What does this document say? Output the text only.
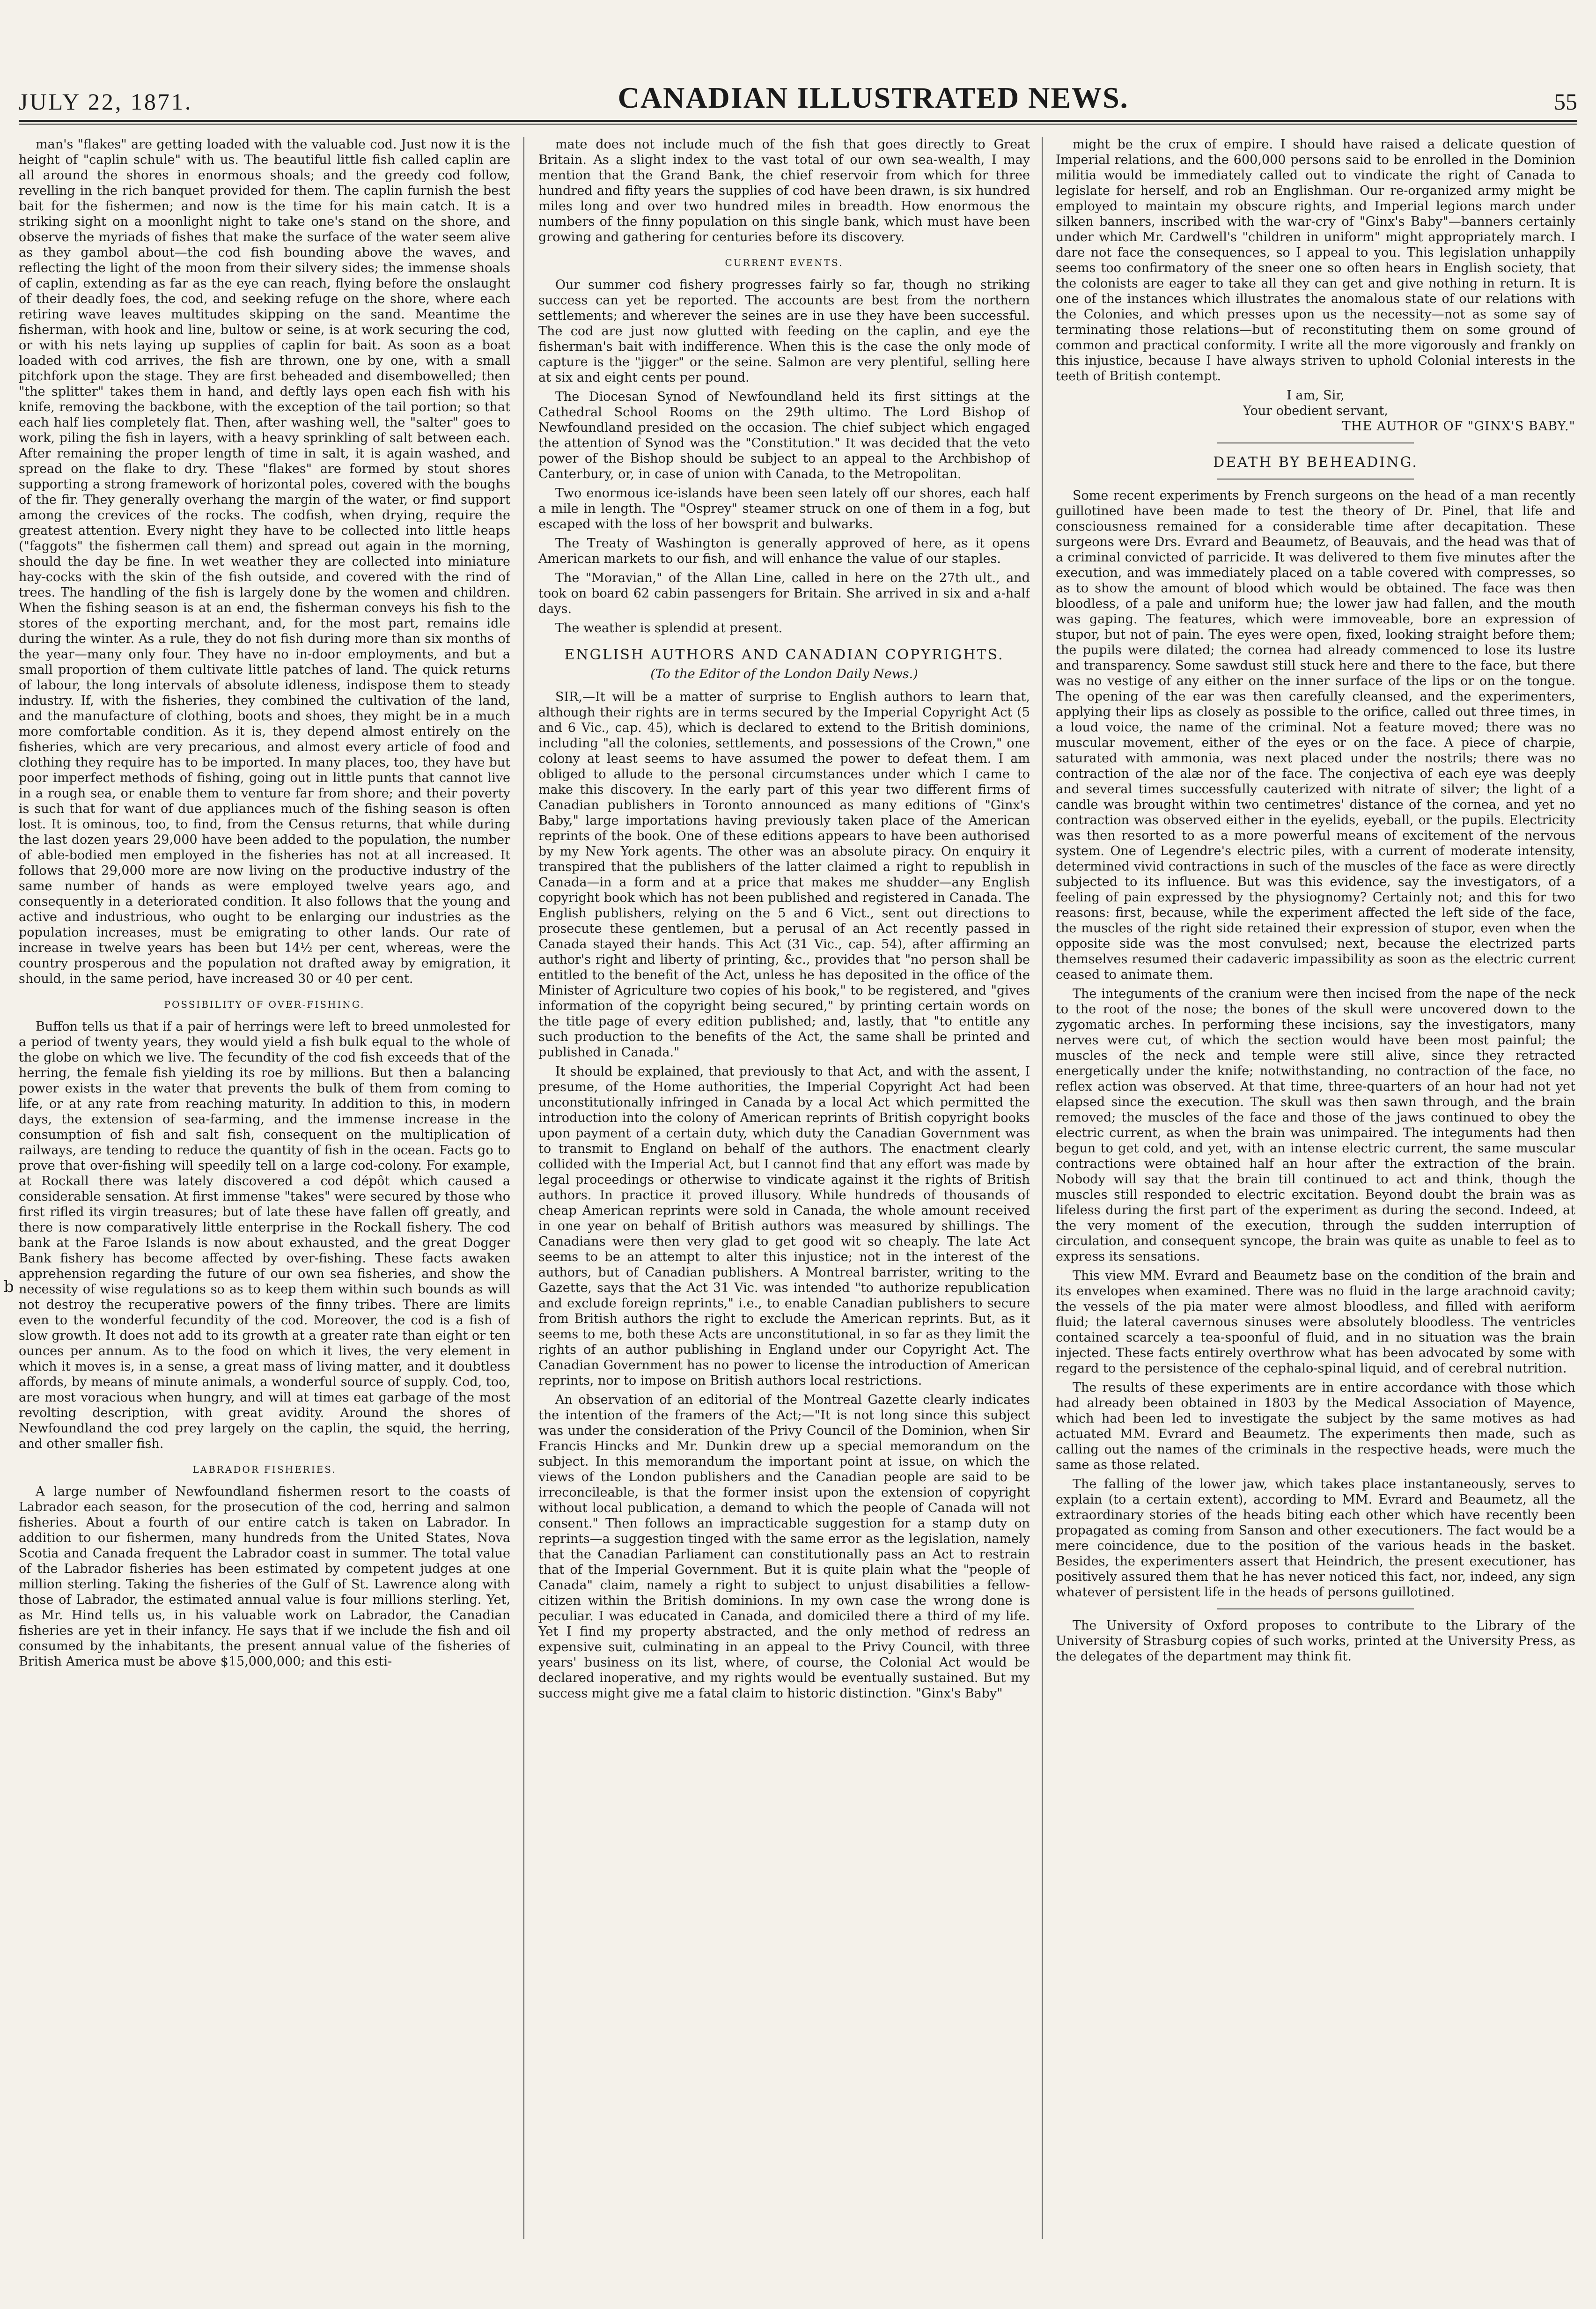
JULY 22, 1871.	CANADIAN ILLUSTRATED NEWS.	55
b

man's "flakes" are getting loaded with the valuable cod. Just now it is the height of "caplin schule" with us. The beautiful little fish called caplin are all around the shores in enormous shoals; and the greedy cod follow, revelling in the rich banquet provided for them. The caplin furnish the best bait for the fishermen; and now is the time for his main catch. It is a striking sight on a moonlight night to take one's stand on the shore, and observe the myriads of fishes that make the surface of the water seem alive as they gambol about—the cod fish bounding above the waves, and reflecting the light of the moon from their silvery sides; the immense shoals of caplin, extending as far as the eye can reach, flying before the onslaught of their deadly foes, the cod, and seeking refuge on the shore, where each retiring wave leaves multitudes skipping on the sand. Meantime the fisherman, with hook and line, bultow or seine, is at work securing the cod, or with his nets laying up supplies of caplin for bait. As soon as a boat loaded with cod arrives, the fish are thrown, one by one, with a small pitchfork upon the stage. They are first beheaded and disembowelled; then "the splitter" takes them in hand, and deftly lays open each fish with his knife, removing the backbone, with the exception of the tail portion; so that each half lies completely flat. Then, after washing well, the "salter" goes to work, piling the fish in layers, with a heavy sprinkling of salt between each. After remaining the proper length of time in salt, it is again washed, and spread on the flake to dry. These "flakes" are formed by stout shores supporting a strong framework of horizontal poles, covered with the boughs of the fir. They generally overhang the margin of the water, or find support among the crevices of the rocks. The codfish, when drying, require the greatest attention. Every night they have to be collected into little heaps ("faggots" the fishermen call them) and spread out again in the morning, should the day be fine. In wet weather they are collected into miniature hay-cocks with the skin of the fish outside, and covered with the rind of trees. The handling of the fish is largely done by the women and children. When the fishing season is at an end, the fisherman conveys his fish to the stores of the exporting merchant, and, for the most part, remains idle during the winter. As a rule, they do not fish during more than six months of the year—many only four. They have no in-door employments, and but a small proportion of them cultivate little patches of land. The quick returns of labour, the long intervals of absolute idleness, indispose them to steady industry. If, with the fisheries, they combined the cultivation of the land, and the manufacture of clothing, boots and shoes, they might be in a much more comfortable condition. As it is, they depend almost entirely on the fisheries, which are very precarious, and almost every article of food and clothing they require has to be imported. In many places, too, they have but poor imperfect methods of fishing, going out in little punts that cannot live in a rough sea, or enable them to venture far from shore; and their poverty is such that for want of due appliances much of the fishing season is often lost. It is ominous, too, to find, from the Census returns, that while during the last dozen years 29,000 have been added to the population, the number of able-bodied men employed in the fisheries has not at all increased. It follows that 29,000 more are now living on the productive industry of the same number of hands as were employed twelve years ago, and consequently in a deteriorated condition. It also follows that the young and active and industrious, who ought to be enlarging our industries as the population increases, must be emigrating to other lands. Our rate of increase in twelve years has been but 14½ per cent, whereas, were the country prosperous and the population not drafted away by emigration, it should, in the same period, have increased 30 or 40 per cent.

POSSIBILITY OF OVER-FISHING.

Buffon tells us that if a pair of herrings were left to breed unmolested for a period of twenty years, they would yield a fish bulk equal to the whole of the globe on which we live. The fecundity of the cod fish exceeds that of the herring, the female fish yielding its roe by millions. But then a balancing power exists in the water that prevents the bulk of them from coming to life, or at any rate from reaching maturity. In addition to this, in modern days, the extension of sea-farming, and the immense increase in the consumption of fish and salt fish, consequent on the multiplication of railways, are tending to reduce the quantity of fish in the ocean. Facts go to prove that over-fishing will speedily tell on a large cod-colony. For example, at Rockall there was lately discovered a cod dépôt which caused a considerable sensation. At first immense "takes" were secured by those who first rifled its virgin treasures; but of late these have fallen off greatly, and there is now comparatively little enterprise in the Rockall fishery. The cod bank at the Faroe Islands is now about exhausted, and the great Dogger Bank fishery has become affected by over-fishing. These facts awaken apprehension regarding the future of our own sea fisheries, and show the necessity of wise regulations so as to keep them within such bounds as will not destroy the recuperative powers of the finny tribes. There are limits even to the wonderful fecundity of the cod. Moreover, the cod is a fish of slow growth. It does not add to its growth at a greater rate than eight or ten ounces per annum. As to the food on which it lives, the very element in which it moves is, in a sense, a great mass of living matter, and it doubtless affords, by means of minute animals, a wonderful source of supply. Cod, too, are most voracious when hungry, and will at times eat garbage of the most revolting description, with great avidity. Around the shores of Newfoundland the cod prey largely on the caplin, the squid, the herring, and other smaller fish.

LABRADOR FISHERIES.

A large number of Newfoundland fishermen resort to the coasts of Labrador each season, for the prosecution of the cod, herring and salmon fisheries. About a fourth of our entire catch is taken on Labrador. In addition to our fishermen, many hundreds from the United States, Nova Scotia and Canada frequent the Labrador coast in summer. The total value of the Labrador fisheries has been estimated by competent judges at one million sterling. Taking the fisheries of the Gulf of St. Lawrence along with those of Labrador, the estimated annual value is four millions sterling. Yet, as Mr. Hind tells us, in his valuable work on Labrador, the Canadian fisheries are yet in their infancy. He says that if we include the fish and oil consumed by the inhabitants, the present annual value of the fisheries of British America must be above $15,000,000; and this esti-

mate does not include much of the fish that goes directly to Great Britain. As a slight index to the vast total of our own sea-wealth, I may mention that the Grand Bank, the chief reservoir from which for three hundred and fifty years the supplies of cod have been drawn, is six hundred miles long and over two hundred miles in breadth. How enormous the numbers of the finny population on this single bank, which must have been growing and gathering for centuries before its discovery.

CURRENT EVENTS.

Our summer cod fishery progresses fairly so far, though no striking success can yet be reported. The accounts are best from the northern settlements; and wherever the seines are in use they have been successful. The cod are just now glutted with feeding on the caplin, and eye the fisherman's bait with indifference. When this is the case the only mode of capture is the "jigger" or the seine. Salmon are very plentiful, selling here at six and eight cents per pound.

The Diocesan Synod of Newfoundland held its first sittings at the Cathedral School Rooms on the 29th ultimo. The Lord Bishop of Newfoundland presided on the occasion. The chief subject which engaged the attention of Synod was the "Constitution." It was decided that the veto power of the Bishop should be subject to an appeal to the Archbishop of Canterbury, or, in case of union with Canada, to the Metropolitan.

Two enormous ice-islands have been seen lately off our shores, each half a mile in length. The "Osprey" steamer struck on one of them in a fog, but escaped with the loss of her bowsprit and bulwarks.

The Treaty of Washington is generally approved of here, as it opens American markets to our fish, and will enhance the value of our staples.

The "Moravian," of the Allan Line, called in here on the 27th ult., and took on board 62 cabin passengers for Britain. She arrived in six and a-half days.

The weather is splendid at present.

ENGLISH AUTHORS AND CANADIAN COPYRIGHTS.

(To the Editor of the London Daily News.)

SIR,—It will be a matter of surprise to English authors to learn that, although their rights are in terms secured by the Imperial Copyright Act (5 and 6 Vic., cap. 45), which is declared to extend to the British dominions, including "all the colonies, settlements, and possessions of the Crown," one colony at least seems to have assumed the power to defeat them. I am obliged to allude to the personal circumstances under which I came to make this discovery. In the early part of this year two different firms of Canadian publishers in Toronto announced as many editions of "Ginx's Baby," large importations having previously taken place of the American reprints of the book. One of these editions appears to have been authorised by my New York agents. The other was an absolute piracy. On enquiry it transpired that the publishers of the latter claimed a right to republish in Canada—in a form and at a price that makes me shudder—any English copyright book which has not been published and registered in Canada. The English publishers, relying on the 5 and 6 Vict., sent out directions to prosecute these gentlemen, but a perusal of an Act recently passed in Canada stayed their hands. This Act (31 Vic., cap. 54), after affirming an author's right and liberty of printing, &c., provides that "no person shall be entitled to the benefit of the Act, unless he has deposited in the office of the Minister of Agriculture two copies of his book," to be registered, and "gives information of the copyright being secured," by printing certain words on the title page of every edition published; and, lastly, that "to entitle any such production to the benefits of the Act, the same shall be printed and published in Canada."

It should be explained, that previously to that Act, and with the assent, I presume, of the Home authorities, the Imperial Copyright Act had been unconstitutionally infringed in Canada by a local Act which permitted the introduction into the colony of American reprints of British copyright books upon payment of a certain duty, which duty the Canadian Government was to transmit to England on behalf of the authors. The enactment clearly collided with the Imperial Act, but I cannot find that any effort was made by legal proceedings or otherwise to vindicate against it the rights of British authors. In practice it proved illusory. While hundreds of thousands of cheap American reprints were sold in Canada, the whole amount received in one year on behalf of British authors was measured by shillings. The Canadians were then very glad to get good wit so cheaply. The late Act seems to be an attempt to alter this injustice; not in the interest of the authors, but of Canadian publishers. A Montreal barrister, writing to the Gazette, says that the Act 31 Vic. was intended "to authorize republication and exclude foreign reprints," i.e., to enable Canadian publishers to secure from British authors the right to exclude the American reprints. But, as it seems to me, both these Acts are unconstitutional, in so far as they limit the rights of an author publishing in England under our Copyright Act. The Canadian Government has no power to license the introduction of American reprints, nor to impose on British authors local restrictions.

An observation of an editorial of the Montreal Gazette clearly indicates the intention of the framers of the Act;—"It is not long since this subject was under the consideration of the Privy Council of the Dominion, when Sir Francis Hincks and Mr. Dunkin drew up a special memorandum on the subject. In this memorandum the important point at issue, on which the views of the London publishers and the Canadian people are said to be irreconcileable, is that the former insist upon the extension of copyright without local publication, a demand to which the people of Canada will not consent." Then follows an impracticable suggestion for a stamp duty on reprints—a suggestion tinged with the same error as the legislation, namely that the Canadian Parliament can constitutionally pass an Act to restrain that of the Imperial Government. But it is quite plain what the "people of Canada" claim, namely a right to subject to unjust disabilities a fellow-citizen within the British dominions. In my own case the wrong done is peculiar. I was educated in Canada, and domiciled there a third of my life. Yet I find my property abstracted, and the only method of redress an expensive suit, culminating in an appeal to the Privy Council, with three years' business on its list, where, of course, the Colonial Act would be declared inoperative, and my rights would be eventually sustained. But my success might give me a fatal claim to historic distinction. "Ginx's Baby"

might be the crux of empire. I should have raised a delicate question of Imperial relations, and the 600,000 persons said to be enrolled in the Dominion militia would be immediately called out to vindicate the right of Canada to legislate for herself, and rob an Englishman. Our re-organized army might be employed to maintain my obscure rights, and Imperial legions march under silken banners, inscribed with the war-cry of "Ginx's Baby"—banners certainly under which Mr. Cardwell's "children in uniform" might appropriately march. I dare not face the consequences, so I appeal to you. This legislation unhappily seems too confirmatory of the sneer one so often hears in English society, that the colonists are eager to take all they can get and give nothing in return. It is one of the instances which illustrates the anomalous state of our relations with the Colonies, and which presses upon us the necessity—not as some say of terminating those relations—but of reconstituting them on some ground of common and practical conformity. I write all the more vigorously and frankly on this injustice, because I have always striven to uphold Colonial interests in the teeth of British contempt.

I am, Sir,

Your obedient servant,

THE AUTHOR OF "GINX'S BABY."

DEATH BY BEHEADING.

Some recent experiments by French surgeons on the head of a man recently guillotined have been made to test the theory of Dr. Pinel, that life and consciousness remained for a considerable time after decapitation. These surgeons were Drs. Evrard and Beaumetz, of Beauvais, and the head was that of a criminal convicted of parricide. It was delivered to them five minutes after the execution, and was immediately placed on a table covered with compresses, so as to show the amount of blood which would be obtained. The face was then bloodless, of a pale and uniform hue; the lower jaw had fallen, and the mouth was gaping. The features, which were immoveable, bore an expression of stupor, but not of pain. The eyes were open, fixed, looking straight before them; the pupils were dilated; the cornea had already commenced to lose its lustre and transparency. Some sawdust still stuck here and there to the face, but there was no vestige of any either on the inner surface of the lips or on the tongue. The opening of the ear was then carefully cleansed, and the experimenters, applying their lips as closely as possible to the orifice, called out three times, in a loud voice, the name of the criminal. Not a feature moved; there was no muscular movement, either of the eyes or on the face. A piece of charpie, saturated with ammonia, was next placed under the nostrils; there was no contraction of the alæ nor of the face. The conjectiva of each eye was deeply and several times successfully cauterized with nitrate of silver; the light of a candle was brought within two centimetres' distance of the cornea, and yet no contraction was observed either in the eyelids, eyeball, or the pupils. Electricity was then resorted to as a more powerful means of excitement of the nervous system. One of Legendre's electric piles, with a current of moderate intensity, determined vivid contractions in such of the muscles of the face as were directly subjected to its influence. But was this evidence, say the investigators, of a feeling of pain expressed by the physiognomy? Certainly not; and this for two reasons: first, because, while the experiment affected the left side of the face, the muscles of the right side retained their expression of stupor, even when the opposite side was the most convulsed; next, because the electrized parts themselves resumed their cadaveric impassibility as soon as the electric current ceased to animate them.

The integuments of the cranium were then incised from the nape of the neck to the root of the nose; the bones of the skull were uncovered down to the zygomatic arches. In performing these incisions, say the investigators, many nerves were cut, of which the section would have been most painful; the muscles of the neck and temple were still alive, since they retracted energetically under the knife; notwithstanding, no contraction of the face, no reflex action was observed. At that time, three-quarters of an hour had not yet elapsed since the execution. The skull was then sawn through, and the brain removed; the muscles of the face and those of the jaws continued to obey the electric current, as when the brain was unimpaired. The integuments had then begun to get cold, and yet, with an intense electric current, the same muscular contractions were obtained half an hour after the extraction of the brain. Nobody will say that the brain till continued to act and think, though the muscles still responded to electric excitation. Beyond doubt the brain was as lifeless during the first part of the experiment as during the second. Indeed, at the very moment of the execution, through the sudden interruption of circulation, and consequent syncope, the brain was quite as unable to feel as to express its sensations.

This view MM. Evrard and Beaumetz base on the condition of the brain and its envelopes when examined. There was no fluid in the large arachnoid cavity; the vessels of the pia mater were almost bloodless, and filled with aeriform fluid; the lateral cavernous sinuses were absolutely bloodless. The ventricles contained scarcely a tea-spoonful of fluid, and in no situation was the brain injected. These facts entirely overthrow what has been advocated by some with regard to the persistence of the cephalo-spinal liquid, and of cerebral nutrition.

The results of these experiments are in entire accordance with those which had already been obtained in 1803 by the Medical Association of Mayence, which had been led to investigate the subject by the same motives as had actuated MM. Evrard and Beaumetz. The experiments then made, such as calling out the names of the criminals in the respective heads, were much the same as those related.

The falling of the lower jaw, which takes place instantaneously, serves to explain (to a certain extent), according to MM. Evrard and Beaumetz, all the extraordinary stories of the heads biting each other which have recently been propagated as coming from Sanson and other executioners. The fact would be a mere coincidence, due to the position of the various heads in the basket. Besides, the experimenters assert that Heindrich, the present executioner, has positively assured them that he has never noticed this fact, nor, indeed, any sign whatever of persistent life in the heads of persons guillotined.

The University of Oxford proposes to contribute to the Library of the University of Strasburg copies of such works, printed at the University Press, as the delegates of the department may think fit.
